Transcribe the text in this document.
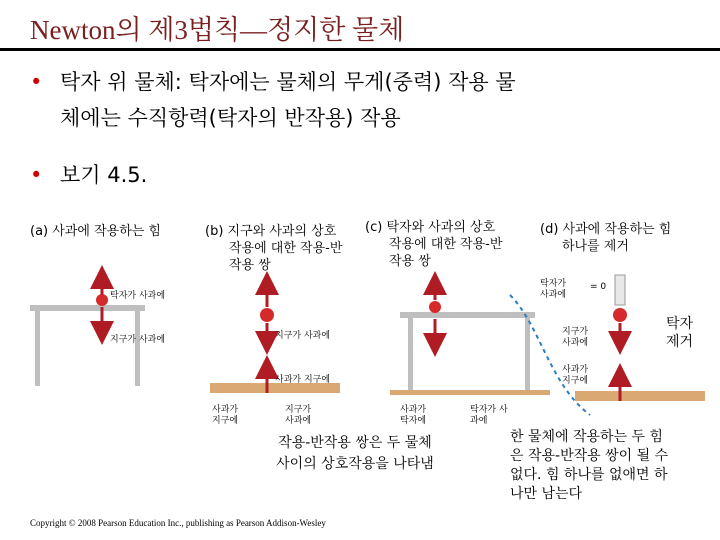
Newton의 제3법칙—정지한 물체
• 탁자 위 물체: 탁자에는 물체의 무게(중력) 작용 물
체에는 수직항력(탁자의 반작용) 작용
• 보기 4.5.
(a) 사과에 작용하는 힘	(b) 지구와 사과의 상호
작용에 대한 작용-반
작용 쌍
(c) 탁자와 사과의 상호
작용에 대한 작용-반
작용 쌍
(d) 사과에 작용하는 힘
하나를 제거
탁자가 사과에
지구가 사과에	지구가 사과에
사과가 지구에
사과가
지구에
지구가
사과에
사과가
탁자에
탁자가 사
과에
탁자가
사과에
= 0
지구가
사과에
사과가
지구에
탁자
제거
작용-반작용 쌍은 두 물체
사이의 상호작용을 나타냄
한 물체에 작용하는 두 힘
은 작용-반작용 쌍이 될 수
없다. 힘 하나를 없애면 하
나만 남는다
Copyright © 2008 Pearson Education Inc., publishing as Pearson Addison-Wesley
